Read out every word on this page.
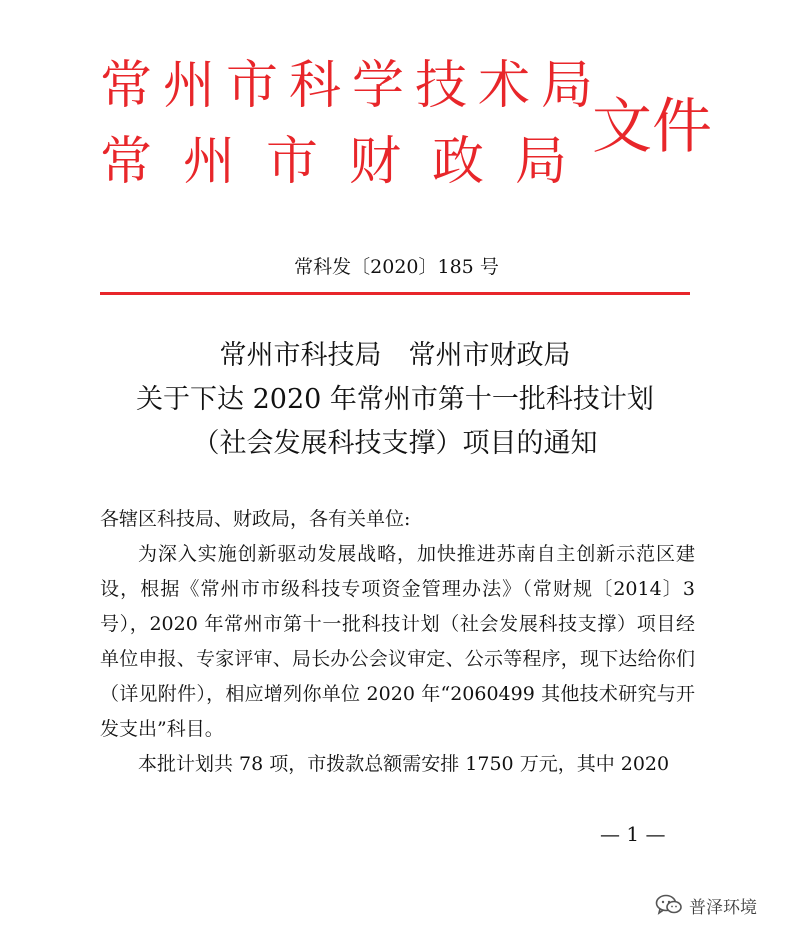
常州市科学技术局
常州市财政局
文件
常科发〔2020〕185 号
常州市科技局　常州市财政局
关于下达 2020 年常州市第十一批科技计划
（社会发展科技支撑）项目的通知

各辖区科技局、财政局，各有关单位:

为深入实施创新驱动发展战略，加快推进苏南自主创新示范区建设，根据《常州市市级科技专项资金管理办法》（常财规〔2014〕3 号），2020 年常州市第十一批科技计划（社会发展科技支撑）项目经单位申报、专家评审、局长办公会议审定、公示等程序，现下达给你们（详见附件），相应增列你单位 2020 年“2060499 其他技术研究与开发支出”科目。

本批计划共 78 项，市拨款总额需安排 1750 万元，其中 2020

— 1 —
普泽环境
